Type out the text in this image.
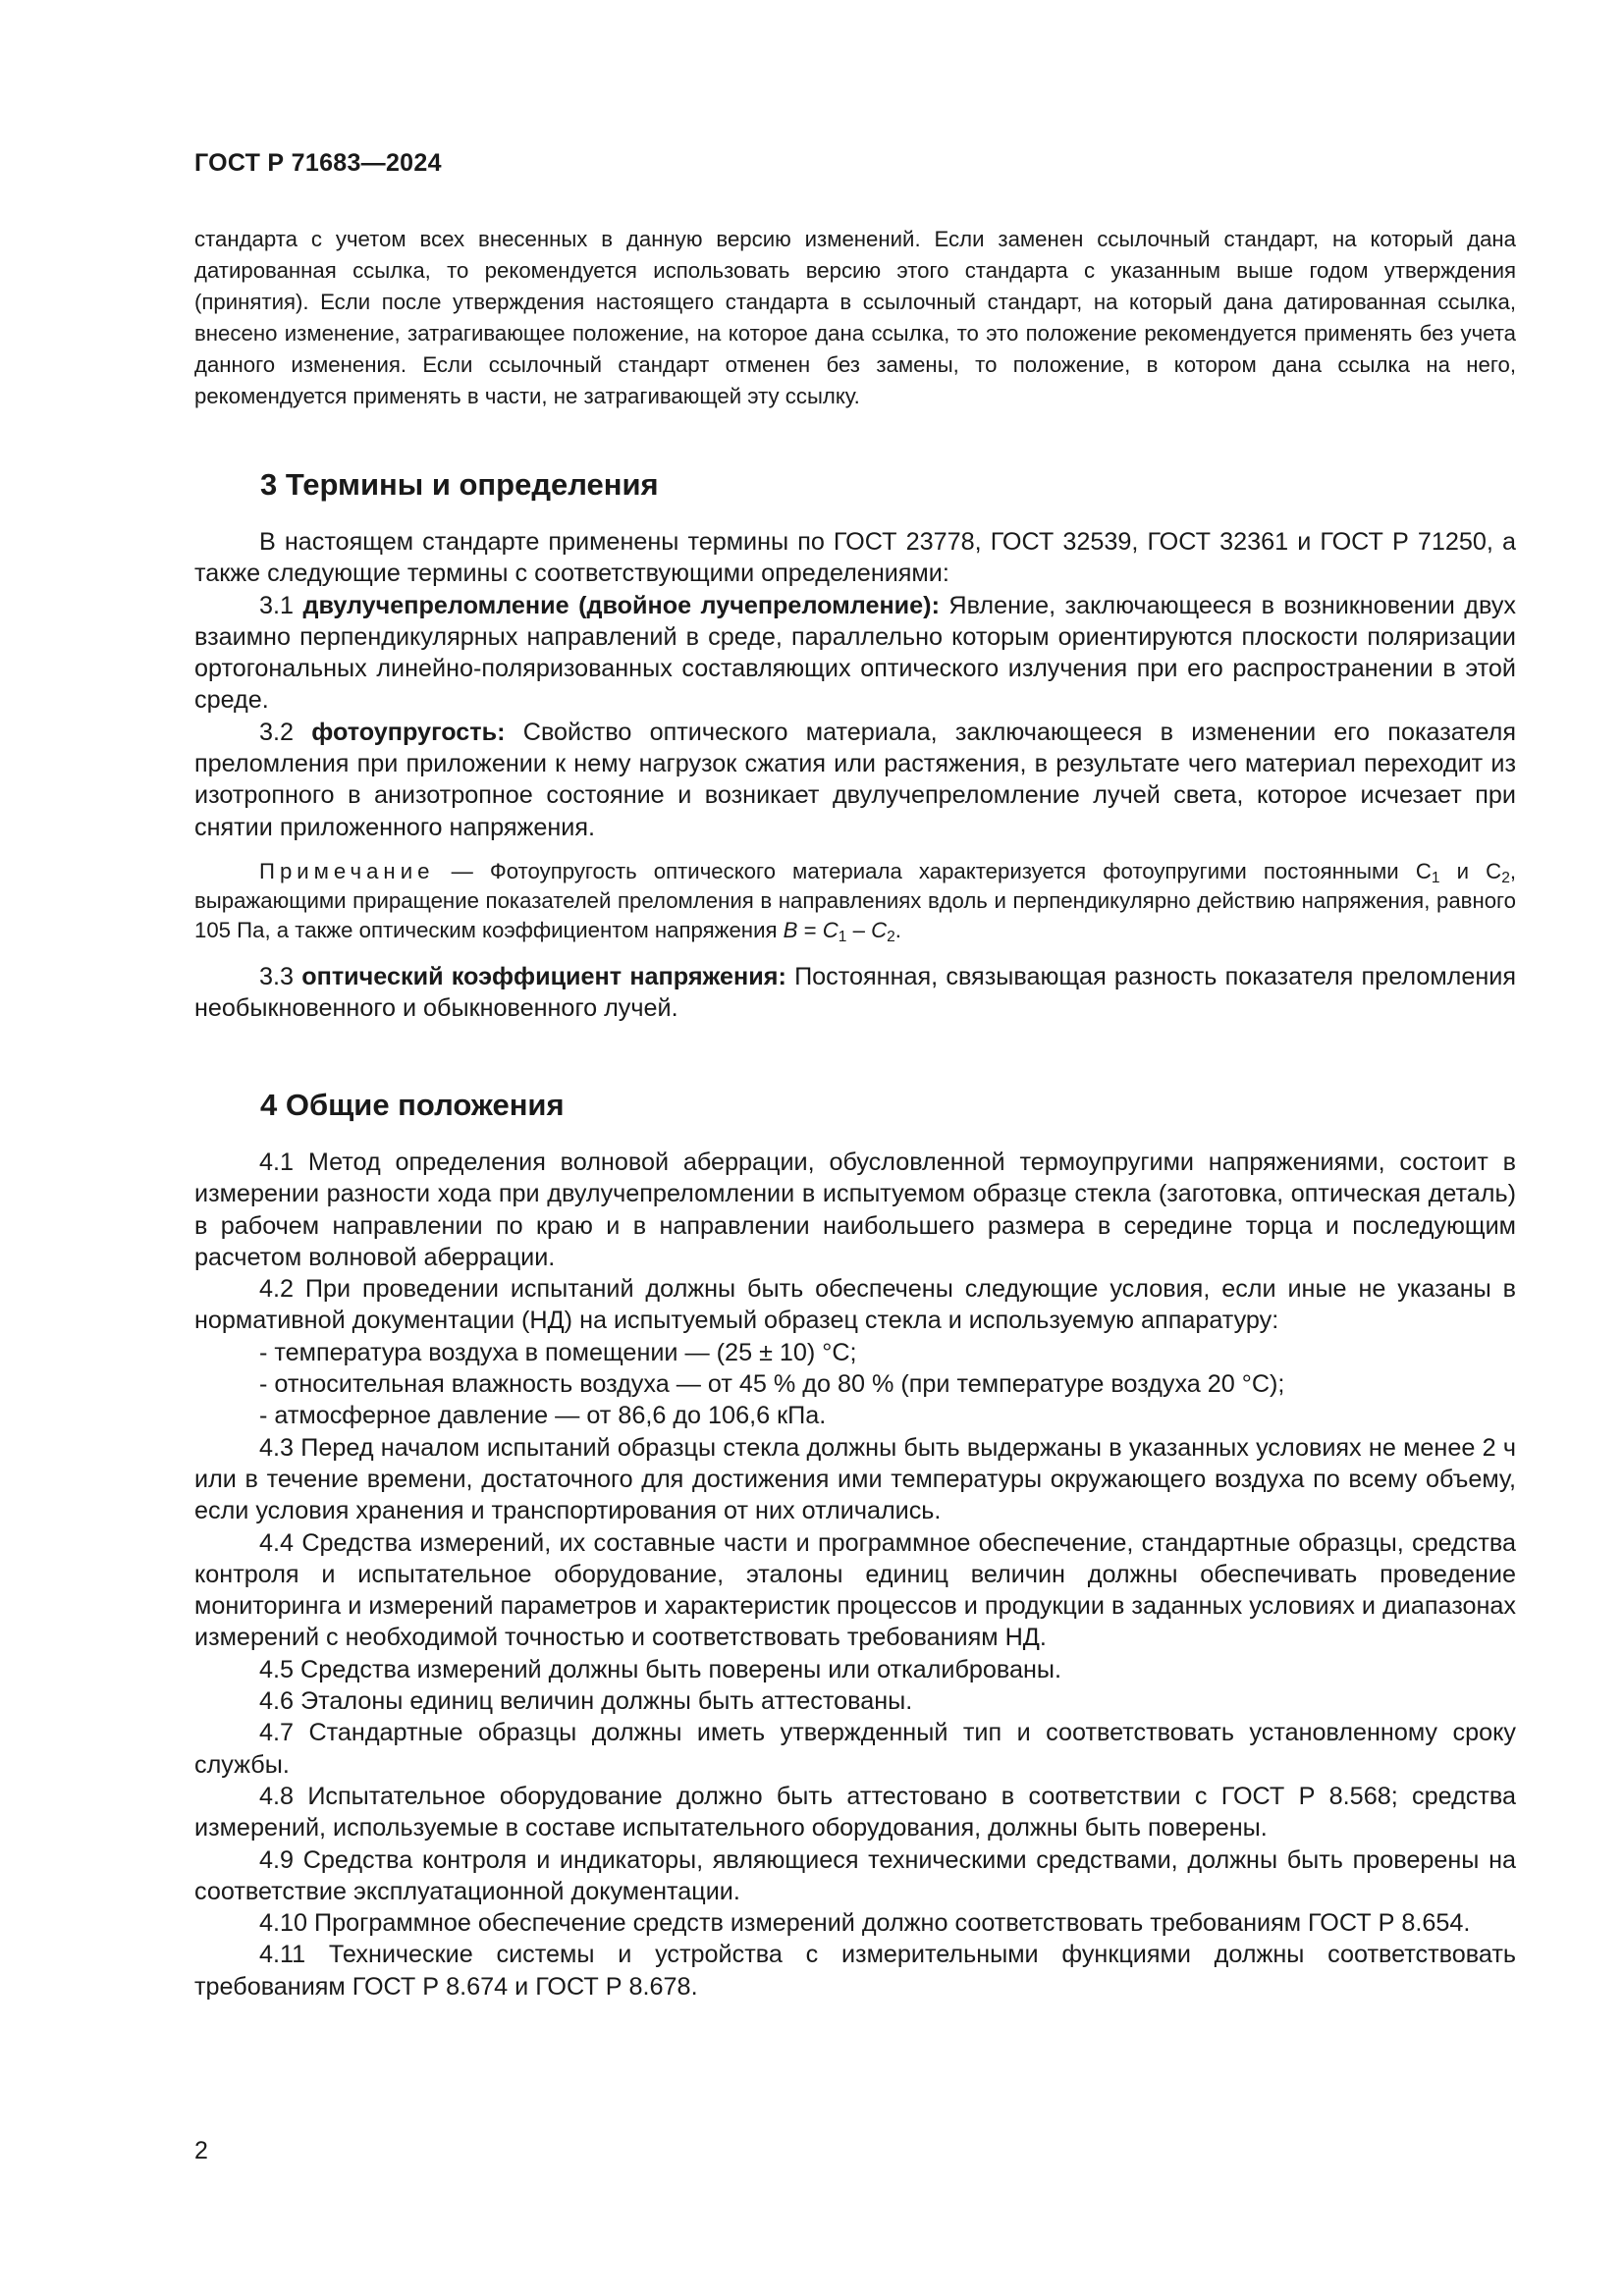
ГОСТ Р 71683—2024

стандарта с учетом всех внесенных в данную версию изменений. Если заменен ссылочный стандарт, на который дана датированная ссылка, то рекомендуется использовать версию этого стандарта с указанным выше годом утверждения (принятия). Если после утверждения настоящего стандарта в ссылочный стандарт, на который дана датированная ссылка, внесено изменение, затрагивающее положение, на которое дана ссылка, то это положение рекомендуется применять без учета данного изменения. Если ссылочный стандарт отменен без замены, то положение, в котором дана ссылка на него, рекомендуется применять в части, не затрагивающей эту ссылку.

3 Термины и определения

В настоящем стандарте применены термины по ГОСТ 23778, ГОСТ 32539, ГОСТ 32361 и ГОСТ Р 71250, а также следующие термины с соответствующими определениями:

3.1 двулучепреломление (двойное лучепреломление): Явление, заключающееся в возникновении двух взаимно перпендикулярных направлений в среде, параллельно которым ориентируются плоскости поляризации ортогональных линейно-поляризованных составляющих оптического излучения при его распространении в этой среде.

3.2 фотоупругость: Свойство оптического материала, заключающееся в изменении его показателя преломления при приложении к нему нагрузок сжатия или растяжения, в результате чего материал переходит из изотропного в анизотропное состояние и возникает двулучепреломление лучей света, которое исчезает при снятии приложенного напряжения.

Примечание — Фотоупругость оптического материала характеризуется фотоупругими постоянными $C_1$ и $C_2$, выражающими приращение показателей преломления в направлениях вдоль и перпендикулярно действию напряжения, равного 105 Па, а также оптическим коэффициентом напряжения $B = C_1 - C_2$.

3.3 оптический коэффициент напряжения: Постоянная, связывающая разность показателя преломления необыкновенного и обыкновенного лучей.

4 Общие положения

4.1 Метод определения волновой аберрации, обусловленной термоупругими напряжениями, состоит в измерении разности хода при двулучепреломлении в испытуемом образце стекла (заготовка, оптическая деталь) в рабочем направлении по краю и в направлении наибольшего размера в середине торца и последующим расчетом волновой аберрации.

4.2 При проведении испытаний должны быть обеспечены следующие условия, если иные не указаны в нормативной документации (НД) на испытуемый образец стекла и используемую аппаратуру:

- температура воздуха в помещении — (25 ± 10) °С;

- относительная влажность воздуха — от 45 % до 80 % (при температуре воздуха 20 °С);

- атмосферное давление — от 86,6 до 106,6 кПа.

4.3 Перед началом испытаний образцы стекла должны быть выдержаны в указанных условиях не менее 2 ч или в течение времени, достаточного для достижения ими температуры окружающего воздуха по всему объему, если условия хранения и транспортирования от них отличались.

4.4 Средства измерений, их составные части и программное обеспечение, стандартные образцы, средства контроля и испытательное оборудование, эталоны единиц величин должны обеспечивать проведение мониторинга и измерений параметров и характеристик процессов и продукции в заданных условиях и диапазонах измерений с необходимой точностью и соответствовать требованиям НД.

4.5 Средства измерений должны быть поверены или откалиброваны.

4.6 Эталоны единиц величин должны быть аттестованы.

4.7 Стандартные образцы должны иметь утвержденный тип и соответствовать установленному сроку службы.

4.8 Испытательное оборудование должно быть аттестовано в соответствии с ГОСТ Р 8.568; средства измерений, используемые в составе испытательного оборудования, должны быть поверены.

4.9 Средства контроля и индикаторы, являющиеся техническими средствами, должны быть проверены на соответствие эксплуатационной документации.

4.10 Программное обеспечение средств измерений должно соответствовать требованиям ГОСТ Р 8.654.

4.11 Технические системы и устройства с измерительными функциями должны соответствовать требованиям ГОСТ Р 8.674 и ГОСТ Р 8.678.

2
